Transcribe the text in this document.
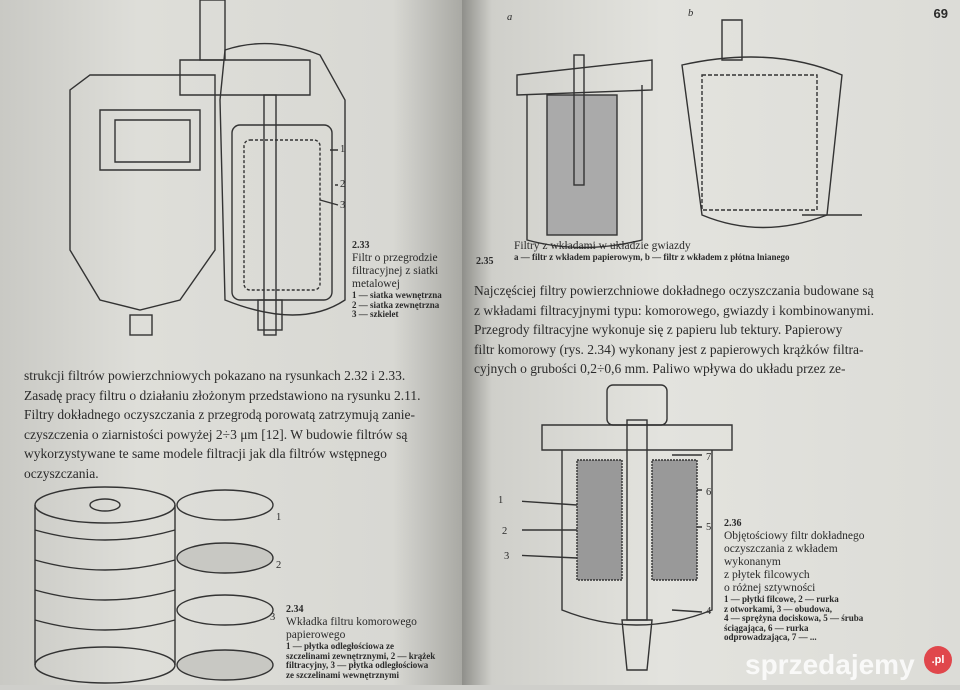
1
2
3
2.33
Filtr o przegrodzie
filtracyjnej z siatki
metalowej
1 — siatka wewnętrzna
2 — siatka zewnętrzna
3 — szkielet
strukcji filtrów powierzchniowych pokazano na rysunkach 2.32 i 2.33.
Zasadę pracy filtru o działaniu złożonym przedstawiono na rysunku 2.11.
Filtry dokładnego oczyszczania z przegrodą porowatą zatrzymują zanie-
czyszczenia o ziarnistości powyżej 2÷3 μm [12]. W budowie filtrów są
wykorzystywane te same modele filtracji jak dla filtrów wstępnego
oczyszczania.
1
2
3
2.34
Wkładka filtru komorowego
papierowego
1 — płytka odległościowa ze
szczelinami zewnętrznymi, 2 — krążek
filtracyjny, 3 — płytka odległościowa
ze szczelinami wewnętrznymi
69
a	b
2.35
Filtry z wkładami w układzie gwiazdy
a — filtr z wkładem papierowym, b — filtr z wkładem z płótna lnianego
Najczęściej filtry powierzchniowe dokładnego oczyszczania budowane są
z wkładami filtracyjnymi typu: komorowego, gwiazdy i kombinowanymi.
Przegrody filtracyjne wykonuje się z papieru lub tektury. Papierowy
filtr komorowy (rys. 2.34) wykonany jest z papierowych krążków filtra-
cyjnych o grubości 0,2÷0,6 mm. Paliwo wpływa do układu przez ze-
1
2
3
4
5
6
7
2.36
Objętościowy filtr dokładnego
oczyszczania z wkładem
wykonanym
z płytek filcowych
o różnej sztywności
1 — płytki filcowe, 2 — rurka
z otworkami, 3 — obudowa,
4 — sprężyna dociskowa, 5 — śruba
ściągająca, 6 — rurka
odprowadzająca, 7 — ...
sprzedajemy	.pl
